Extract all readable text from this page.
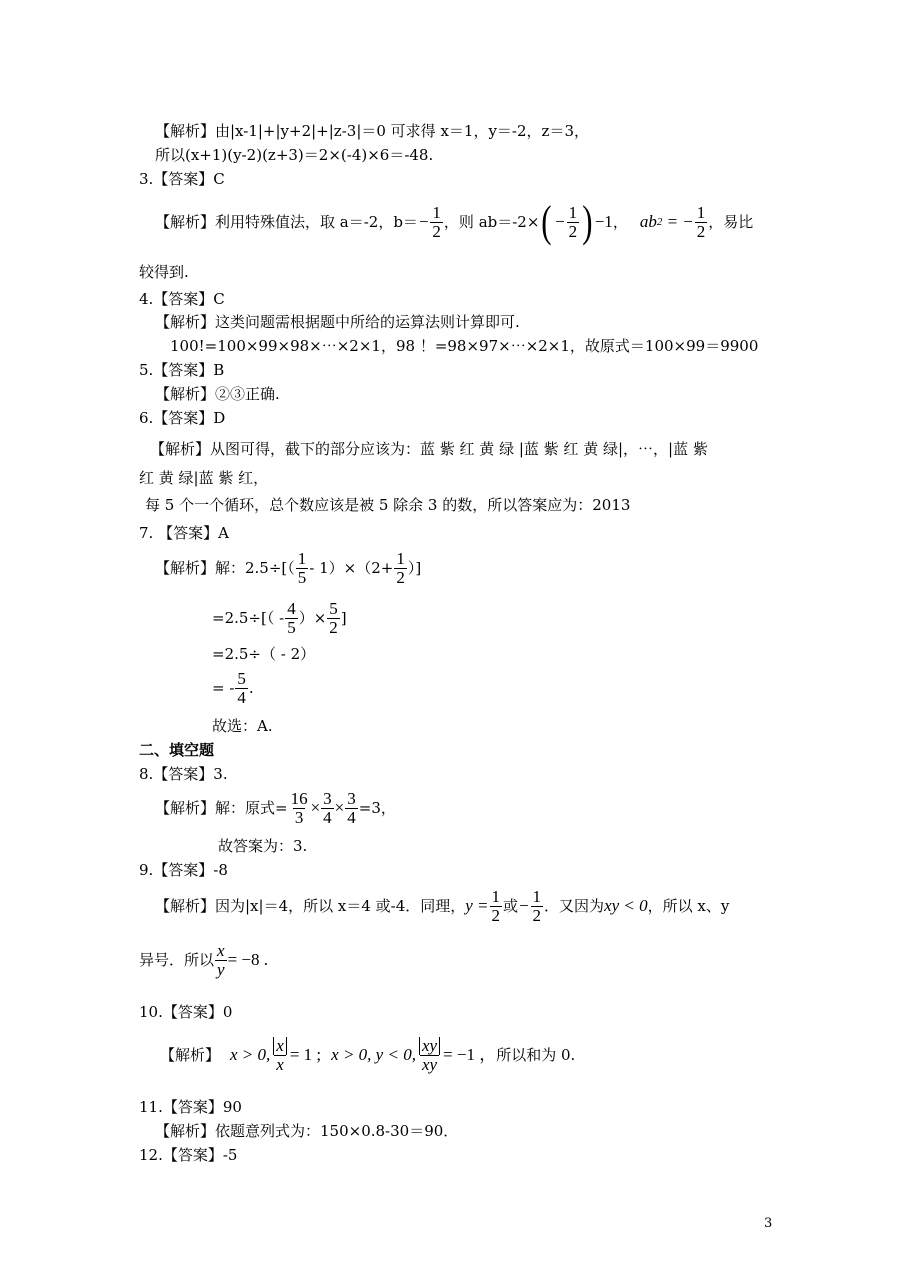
【解析】由|x-1|+|y+2|+|z-3|＝0 可求得 x＝1，y＝-2，z＝3，
所以(x+1)(y-2)(z+3)＝2×(-4)×6＝-48.
3.【答案】C
【解析】利用特殊值法，取 a＝-2，$b= - \frac{1}{2}$ ，则 ab＝-2× ( − $\frac{1}{2}$ ) −1 ， $ab^2$ = − $\frac{1}{2}$ ，易比
较得到.
4.【答案】C
【解析】这类问题需根据题中所给的运算法则计算即可.
100!=100×99×98×⋯×2×1，98 ！=98×97×⋯×2×1，故原式＝100×99＝9900
5.【答案】B
【解析】②③正确.
6.【答案】D
【解析】从图可得，截下的部分应该为：蓝 紫 红 黄 绿 |蓝 紫 红 黄 绿|，⋯，|蓝 紫
红 黄 绿|蓝 紫 红，
每 5 个一个循环，总个数应该是被 5 除余 3 的数，所以答案应为：2013
7. 【答案】A
【解析】解：$2.5\div[( \frac{1}{5} - 1)\times(2+ \frac{1}{2}$ ）]
$=2.5\div[( - \frac{4}{5}$ ）× $\frac{5}{2}$ ]
=2.5÷（ - 2）
= - $\frac{5}{4}$ .
故选：A.
二、填空题
8.【答案】3.
【解析】解：原式= $\frac{16}{3} \times \frac{3}{4} \times \frac{3}{4} =3$，
故答案为：3.
9.【答案】-8
【解析】因为|x|＝4，所以 x＝4 或-4．同理， $y = \frac{1}{2}$ 或 − $\frac{1}{2}$ ．又因为 xy < 0 ，所以 x、y
异号．所以 $\frac{x}{y} = -8$ .
10.【答案】0
【解析】 x > 0, $\frac{x}{x} = 1$ ; x > 0, y < 0, $\frac{xy}{xy} = -1$ ， 所以和为 0.
11.【答案】90
【解析】依题意列式为：150×0.8-30＝90．
12.【答案】-5
3
